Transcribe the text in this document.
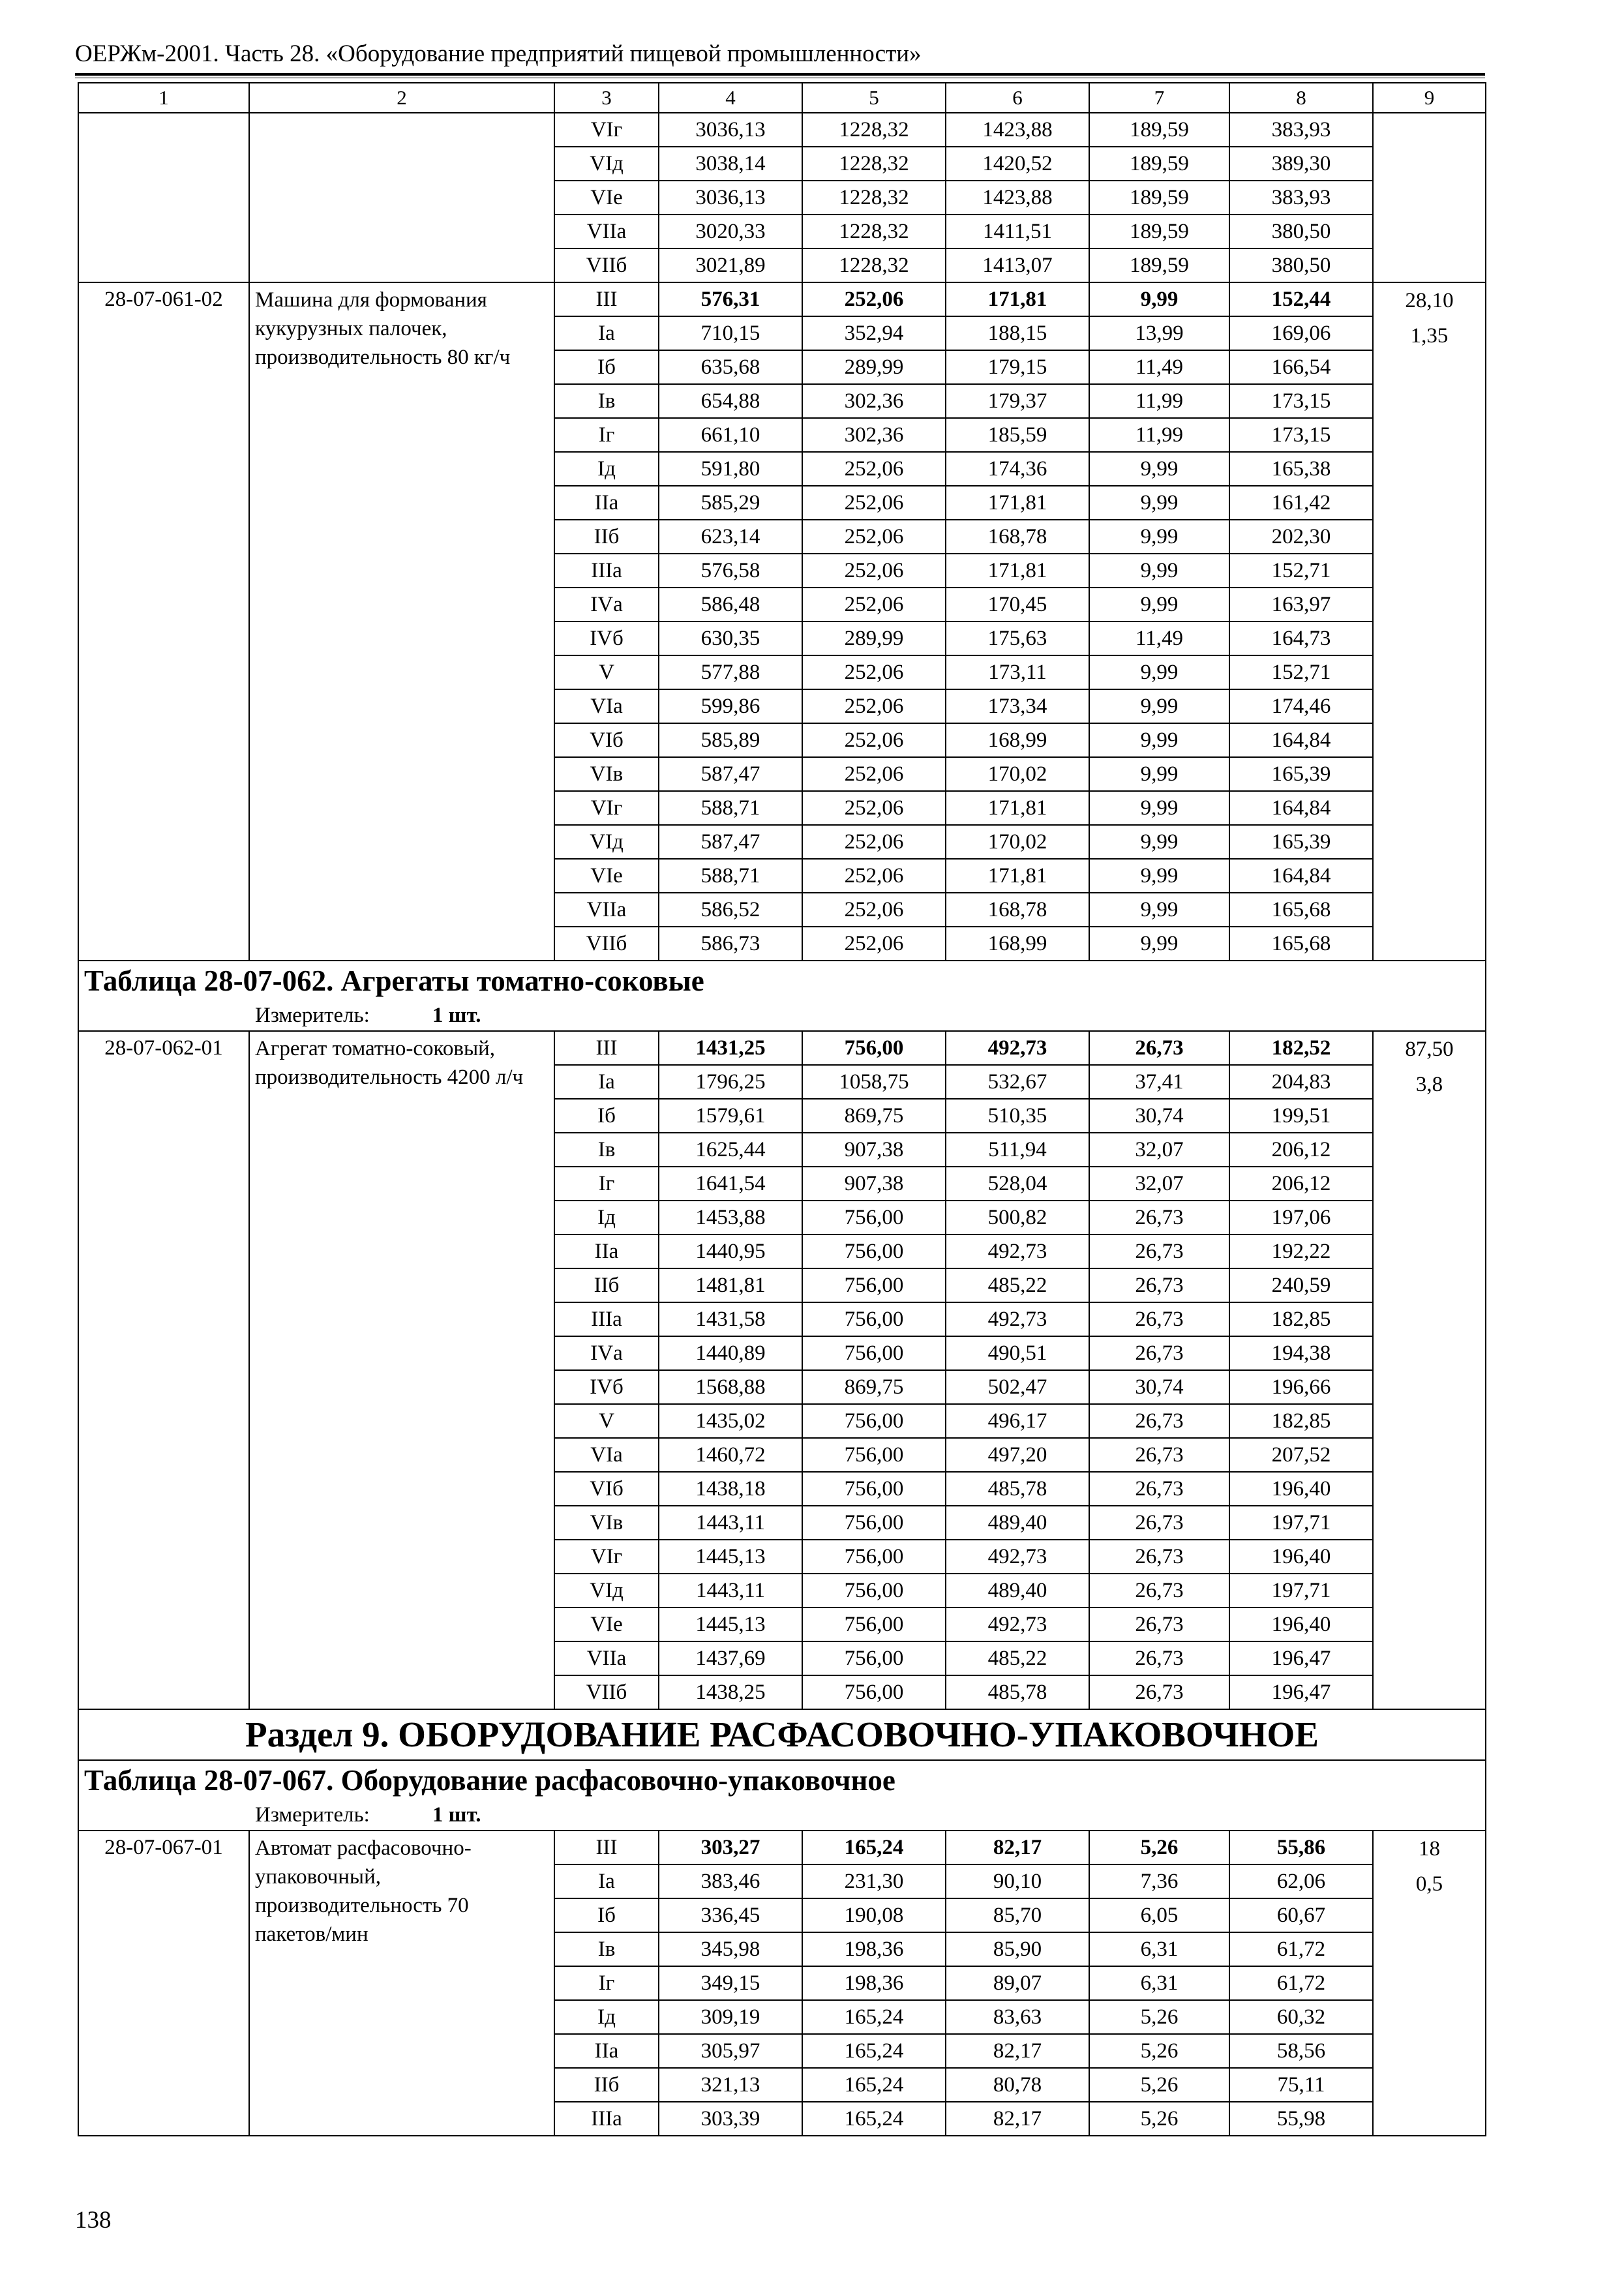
ОЕРЖм-2001. Часть 28. «Оборудование предприятий пищевой промышленности»
1	2	3	4	5	6	7	8	9
		VIг	3036,13	1228,32	1423,88	189,59	383,93	
		VIд	3038,14	1228,32	1420,52	189,59	389,30	
		VIе	3036,13	1228,32	1423,88	189,59	383,93	
		VIIа	3020,33	1228,32	1411,51	189,59	380,50	
		VIIб	3021,89	1228,32	1413,07	189,59	380,50	
28-07-061-02	Машина для формования кукурузных палочек, производительность 80 кг/ч	III	576,31	252,06	171,81	9,99	152,44	28,10
1,35

		Iа	710,15	352,94	188,15	13,99	169,06	
		Iб	635,68	289,99	179,15	11,49	166,54	
		Iв	654,88	302,36	179,37	11,99	173,15	
		Iг	661,10	302,36	185,59	11,99	173,15	
		Iд	591,80	252,06	174,36	9,99	165,38	
		IIа	585,29	252,06	171,81	9,99	161,42	
		IIб	623,14	252,06	168,78	9,99	202,30	
		IIIа	576,58	252,06	171,81	9,99	152,71	
		IVа	586,48	252,06	170,45	9,99	163,97	
		IVб	630,35	289,99	175,63	11,49	164,73	
		V	577,88	252,06	173,11	9,99	152,71	
		VIа	599,86	252,06	173,34	9,99	174,46	
		VIб	585,89	252,06	168,99	9,99	164,84	
		VIв	587,47	252,06	170,02	9,99	165,39	
		VIг	588,71	252,06	171,81	9,99	164,84	
		VIд	587,47	252,06	170,02	9,99	165,39	
		VIе	588,71	252,06	171,81	9,99	164,84	
		VIIа	586,52	252,06	168,78	9,99	165,68	
		VIIб	586,73	252,06	168,99	9,99	165,68	
Таблица 28-07-062. Агрегаты томатно-соковые
Измеритель: 1 шт.								

28-07-062-01	Агрегат томатно-соковый, производительность 4200 л/ч	III	1431,25	756,00	492,73	26,73	182,52	87,50
3,8

		Iа	1796,25	1058,75	532,67	37,41	204,83	
		Iб	1579,61	869,75	510,35	30,74	199,51	
		Iв	1625,44	907,38	511,94	32,07	206,12	
		Iг	1641,54	907,38	528,04	32,07	206,12	
		Iд	1453,88	756,00	500,82	26,73	197,06	
		IIа	1440,95	756,00	492,73	26,73	192,22	
		IIб	1481,81	756,00	485,22	26,73	240,59	
		IIIа	1431,58	756,00	492,73	26,73	182,85	
		IVа	1440,89	756,00	490,51	26,73	194,38	
		IVб	1568,88	869,75	502,47	30,74	196,66	
		V	1435,02	756,00	496,17	26,73	182,85	
		VIа	1460,72	756,00	497,20	26,73	207,52	
		VIб	1438,18	756,00	485,78	26,73	196,40	
		VIв	1443,11	756,00	489,40	26,73	197,71	
		VIг	1445,13	756,00	492,73	26,73	196,40	
		VIд	1443,11	756,00	489,40	26,73	197,71	
		VIе	1445,13	756,00	492,73	26,73	196,40	
		VIIа	1437,69	756,00	485,22	26,73	196,47	
		VIIб	1438,25	756,00	485,78	26,73	196,47	
Раздел 9. ОБОРУДОВАНИЕ РАСФАСОВОЧНО-УПАКОВОЧНОЕ								
Таблица 28-07-067. Оборудование расфасовочно-упаковочное
Измеритель: 1 шт.								

28-07-067-01	Автомат расфасовочно-упаковочный, производительность 70 пакетов/мин	III	303,27	165,24	82,17	5,26	55,86	18
0,5

		Iа	383,46	231,30	90,10	7,36	62,06	
		Iб	336,45	190,08	85,70	6,05	60,67	
		Iв	345,98	198,36	85,90	6,31	61,72	
		Iг	349,15	198,36	89,07	6,31	61,72	
		Iд	309,19	165,24	83,63	5,26	60,32	
		IIа	305,97	165,24	82,17	5,26	58,56	
		IIб	321,13	165,24	80,78	5,26	75,11	
		IIIа	303,39	165,24	82,17	5,26	55,98	
138
